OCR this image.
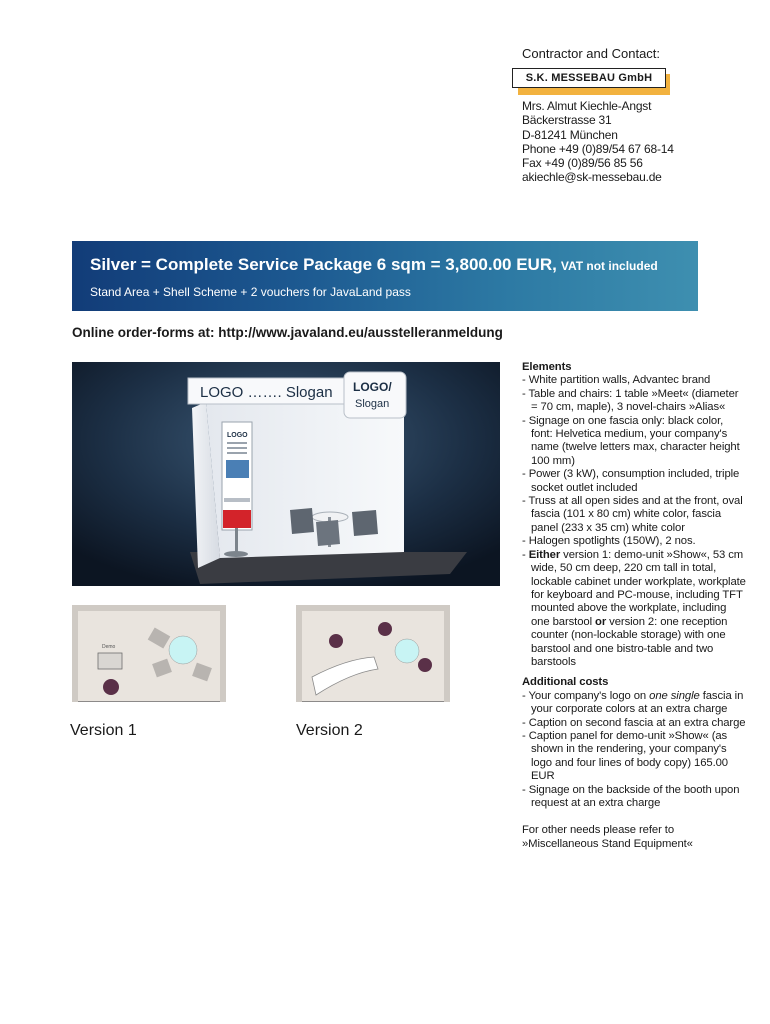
Contractor and Contact:
S.K. MESSEBAU GmbH
Mrs. Almut Kiechle-Angst
Bäckerstrasse 31
D-81241 München
Phone +49 (0)89/54 67 68-14
Fax +49 (0)89/56 85 56
akiechle@sk-messebau.de
Silver = Complete Service Package 6 sqm = 3,800.00 EUR, VAT not included
Stand Area + Shell Scheme + 2 vouchers for JavaLand pass
Online order-forms at: http://www.javaland.eu/ausstelleranmeldung
LOGO ……. Slogan LOGO/
Slogan
LOGO
Demo
Version 1	Version 2
Elements
- White partition walls, Advantec brand
- Table and chairs: 1 table »Meet« (diameter = 70 cm, maple), 3 novel-chairs »Alias«
- Signage on one fascia only: black color, font: Helvetica medium, your company's name (twelve letters max, character height 100 mm)
- Power (3 kW), consumption included, triple socket outlet included
- Truss at all open sides and at the front, oval fascia (101 x 80 cm) white color, fascia panel (233 x 35 cm) white color
- Halogen spotlights (150W), 2 nos.
- Either version 1: demo-unit »Show«, 53 cm wide, 50 cm deep, 220 cm tall in total, lockable cabinet under workplate, workplate for keyboard and PC-mouse, including TFT mounted above the workplate, including one barstool or version 2: one reception counter (non-lockable storage) with one barstool and one bistro-table and two barstools
Additional costs
- Your company's logo on one single fascia in your corporate colors at an extra charge
- Caption on second fascia at an extra charge
- Caption panel for demo-unit »Show« (as shown in the rendering, your company's logo and four lines of body copy) 165.00 EUR
- Signage on the backside of the booth upon request at an extra charge
For other needs please refer to »Miscellaneous Stand Equipment«
